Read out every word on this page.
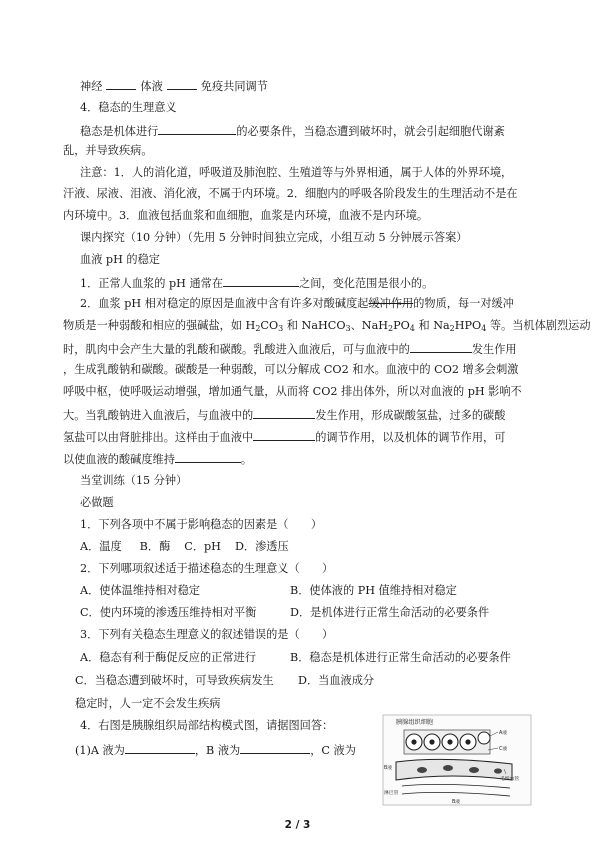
神经	体液	免疫共同调节
4．稳态的生理意义
稳态是机体进行	的必要条件，当稳态遭到破坏时，就会引起细胞代谢紊
乱，并导致疾病。
注意：1．人的消化道，呼吸道及肺泡腔、生殖道等与外界相通，属于人体的外界环境，
汗液、尿液、泪液、消化液，不属于内环境。2．细胞内的呼吸各阶段发生的生理活动不是在
内环境中。3．血液包括血浆和血细胞，血浆是内环境，血液不是内环境。
课内探究（10 分钟）（先用 5 分钟时间独立完成，小组互动 5 分钟展示答案）
血液 pH 的稳定
1．正常人血浆的 pH 通常在	之间，变化范围是很小的。
2．血浆 pH 相对稳定的原因是血液中含有许多对酸碱度起缓冲作用的物质，每一对缓冲
物质是一种弱酸和相应的强碱盐，如 $H_2CO_3$ 和 NaHCO$_3$、$NaH_2PO_4$ 和 $Na_2HPO_4$ 等。当机体剧烈运动
时，肌肉中会产生大量的乳酸和碳酸。乳酸进入血液后，可与血液中的	发生作用
，生成乳酸钠和碳酸。碳酸是一种弱酸，可以分解成 CO2 和水。血液中的 CO2 增多会刺激
呼吸中枢，使呼吸运动增强，增加通气量，从而将 CO2 排出体外，所以对血液的 pH 影响不
大。当乳酸钠进入血液后，与血液中的	发生作用，形成碳酸氢盐，过多的碳酸
氢盐可以由肾脏排出。这样由于血液中	的调节作用，以及机体的调节作用，可
以使血液的酸碱度维持	。
当堂训练（15 分钟）
必做题
1．下列各项中不属于影响稳态的因素是（　　）
A．温度 B．酶 C．pH D．渗透压
2．下列哪项叙述适于描述稳态的生理意义（　　）
A．使体温维持相对稳定	B．使体液的 PH 值维持相对稳定
C．使内环境的渗透压维持相对平衡	D．是机体进行正常生命活动的必要条件
3．下列有关稳态生理意义的叙述错误的是（　　）
A．稳态有利于酶促反应的正常进行	B．稳态是机体进行正常生命活动的必要条件
C．当稳态遭到破坏时，可导致疾病发生 D．当血液成分
稳定时，人一定不会发生疾病
4．右图是胰腺组织局部结构模式图，请据图回答：
(1)A 液为	，B 液为	，C 液为
胰腺组织细胞
A液
C液
B液
毛细血管
淋巴管
B液
2 / 3
